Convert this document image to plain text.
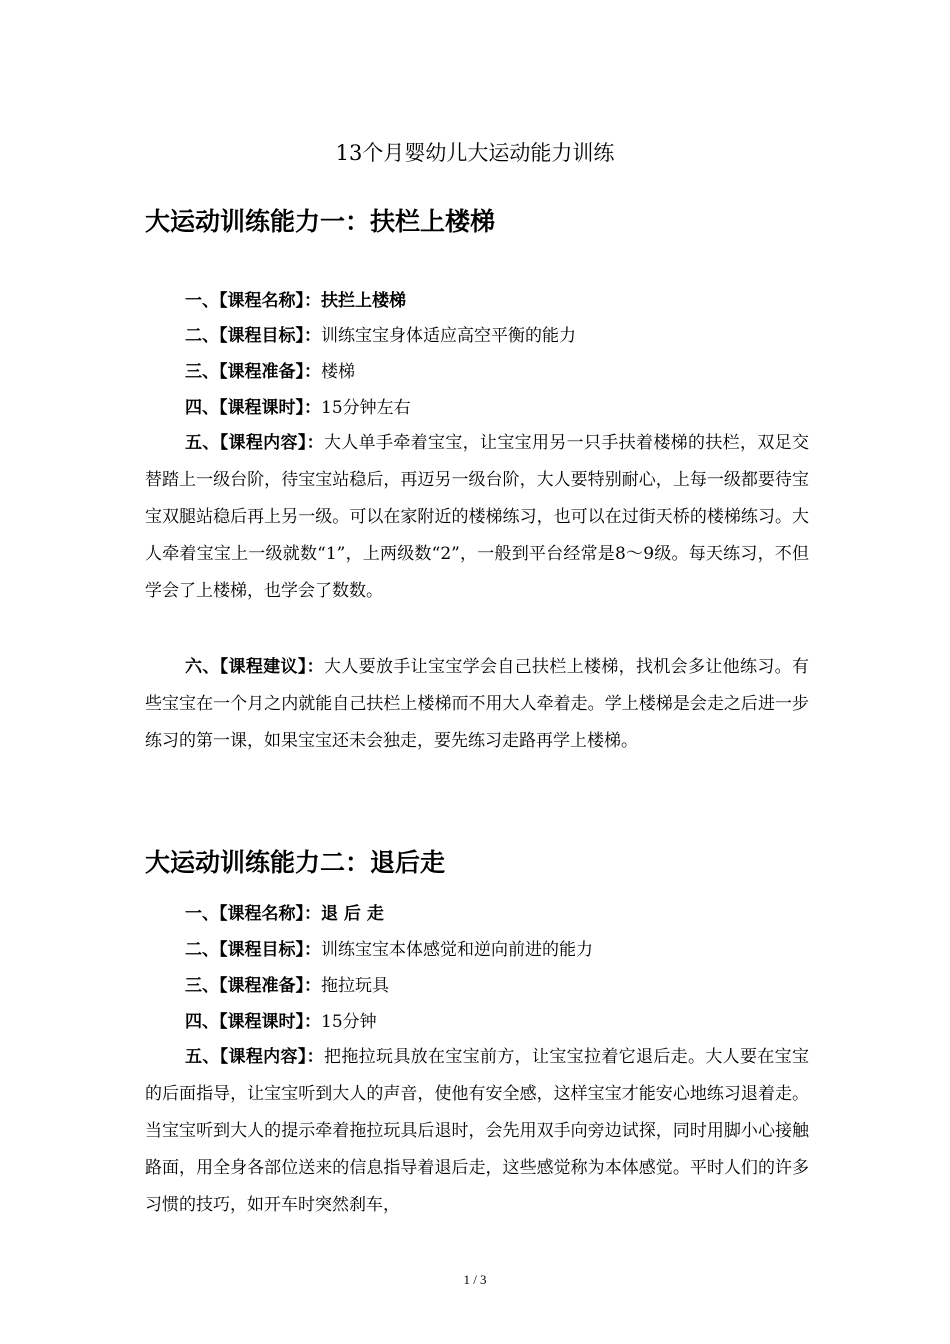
13个月婴幼儿大运动能力训练
大运动训练能力一：扶栏上楼梯
一、【课程名称】：扶拦上楼梯
二、【课程目标】：训练宝宝身体适应高空平衡的能力
三、【课程准备】：楼梯
四、【课程课时】：15分钟左右
五、【课程内容】：大人单手牵着宝宝，让宝宝用另一只手扶着楼梯的扶栏，双足交替踏上一级台阶，待宝宝站稳后，再迈另一级台阶，大人要特别耐心，上每一级都要待宝宝双腿站稳后再上另一级。可以在家附近的楼梯练习，也可以在过街天桥的楼梯练习。大人牵着宝宝上一级就数“1”，上两级数“2”，一般到平台经常是8～9级。每天练习，不但学会了上楼梯，也学会了数数。
六、【课程建议】：大人要放手让宝宝学会自己扶栏上楼梯，找机会多让他练习。有些宝宝在一个月之内就能自己扶栏上楼梯而不用大人牵着走。学上楼梯是会走之后进一步练习的第一课，如果宝宝还未会独走，要先练习走路再学上楼梯。
大运动训练能力二：退后走
一、【课程名称】：退 后 走
二、【课程目标】：训练宝宝本体感觉和逆向前进的能力
三、【课程准备】：拖拉玩具
四、【课程课时】：15分钟
五、【课程内容】：把拖拉玩具放在宝宝前方，让宝宝拉着它退后走。大人要在宝宝的后面指导，让宝宝听到大人的声音，使他有安全感，这样宝宝才能安心地练习退着走。当宝宝听到大人的提示牵着拖拉玩具后退时，会先用双手向旁边试探，同时用脚小心接触路面，用全身各部位送来的信息指导着退后走，这些感觉称为本体感觉。平时人们的许多习惯的技巧，如开车时突然刹车，
1 / 3
